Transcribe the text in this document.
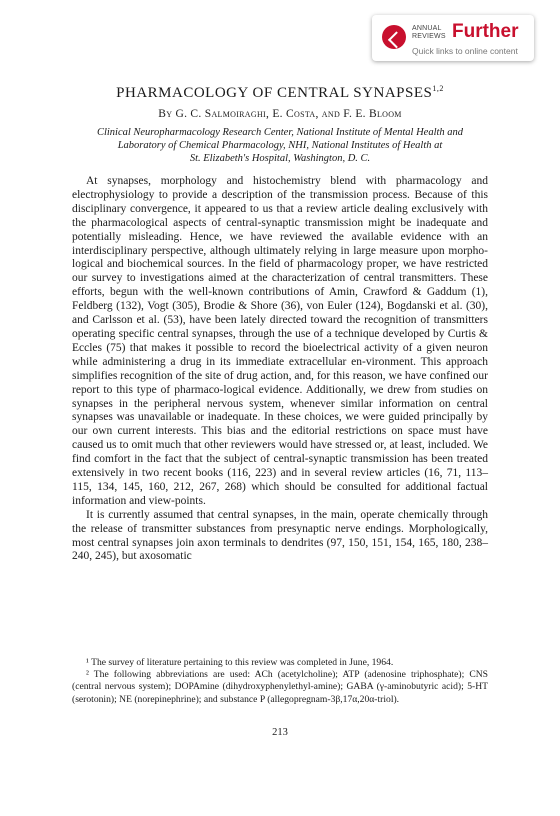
ANNUAL
REVIEWS Further
Quick links to online content
PHARMACOLOGY OF CENTRAL SYNAPSES$^{1,2}$
By G. C. Salmoiraghi, E. Costa, and F. E. Bloom
Clinical Neuropharmacology Research Center, National Institute of Mental Health and
Laboratory of Chemical Pharmacology, NHI, National Institutes of Health at
St. Elizabeth's Hospital, Washington, D. C.

At synapses, morphology and histochemistry blend with pharmacology and electrophysiology to provide a description of the transmission process. Because of this disciplinary convergence, it appeared to us that a review article dealing exclusively with the pharmacological aspects of central-synaptic transmission might be inadequate and potentially misleading. Hence, we have reviewed the available evidence with an interdisciplinary perspective, although ultimately relying in large measure upon morpho-logical and biochemical sources. In the field of pharmacology proper, we have restricted our survey to investigations aimed at the characterization of central transmitters. These efforts, begun with the well-known contributions of Amin, Crawford & Gaddum (1), Feldberg (132), Vogt (305), Brodie & Shore (36), von Euler (124), Bogdanski et al. (30), and Carlsson et al. (53), have been lately directed toward the recognition of transmitters operating specific central synapses, through the use of a technique developed by Curtis & Eccles (75) that makes it possible to record the bioelectrical activity of a given neuron while administering a drug in its immediate extracellular en-vironment. This approach simplifies recognition of the site of drug action, and, for this reason, we have confined our report to this type of pharmaco-logical evidence. Additionally, we drew from studies on synapses in the peripheral nervous system, whenever similar information on central synapses was unavailable or inadequate. In these choices, we were guided principally by our own current interests. This bias and the editorial restrictions on space must have caused us to omit much that other reviewers would have stressed or, at least, included. We find comfort in the fact that the subject of central-synaptic transmission has been treated extensively in two recent books (116, 223) and in several review articles (16, 71, 113–115, 134, 145, 160, 212, 267, 268) which should be consulted for additional factual information and view-points.

It is currently assumed that central synapses, in the main, operate chemically through the release of transmitter substances from presynaptic nerve endings. Morphologically, most central synapses join axon terminals to dendrites (97, 150, 151, 154, 165, 180, 238–240, 245), but axosomatic

¹ The survey of literature pertaining to this review was completed in June, 1964.

² The following abbreviations are used: ACh (acetylcholine); ATP (adenosine triphosphate); CNS (central nervous system); DOPAmine (dihydroxyphenylethyl-amine); GABA (γ-aminobutyric acid); 5-HT (serotonin); NE (norepinephrine); and substance P (allegopregnam-3β,17α,20α-triol).

213
